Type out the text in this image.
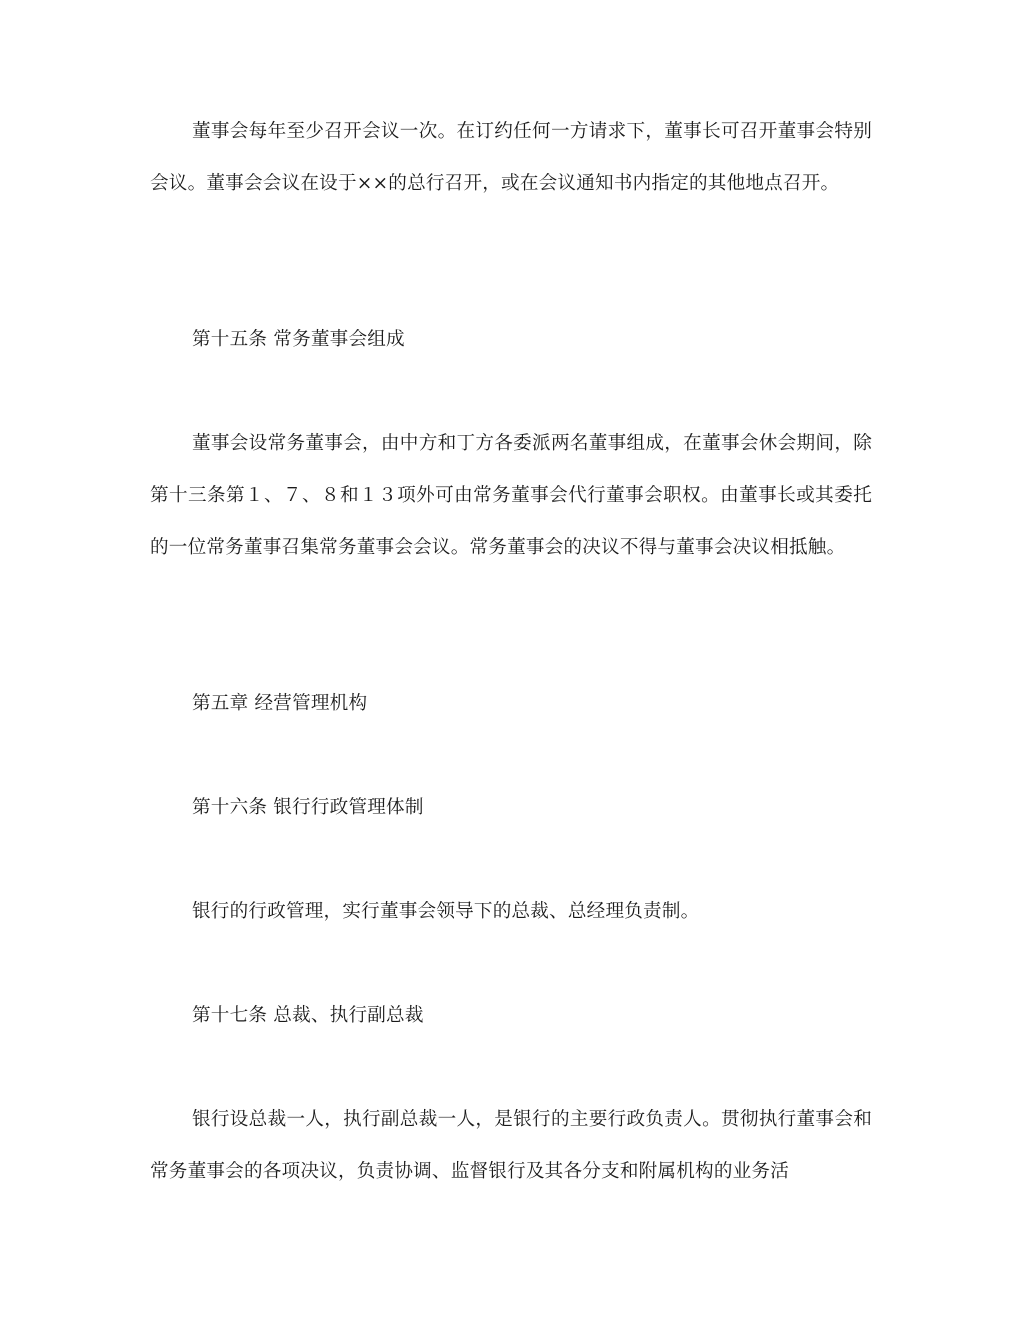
董事会每年至少召开会议一次。在订约任何一方请求下，董事长可召开董事会特别会议。董事会会议在设于××的总行召开，或在会议通知书内指定的其他地点召开。

第十五条 常务董事会组成

董事会设常务董事会，由中方和丁方各委派两名董事组成，在董事会休会期间，除第十三条第１、７、８和１３项外可由常务董事会代行董事会职权。由董事长或其委托的一位常务董事召集常务董事会会议。常务董事会的决议不得与董事会决议相抵触。

第五章 经营管理机构

第十六条 银行行政管理体制

银行的行政管理，实行董事会领导下的总裁、总经理负责制。

第十七条 总裁、执行副总裁

银行设总裁一人，执行副总裁一人，是银行的主要行政负责人。贯彻执行董事会和常务董事会的各项决议，负责协调、监督银行及其各分支和附属机构的业务活
